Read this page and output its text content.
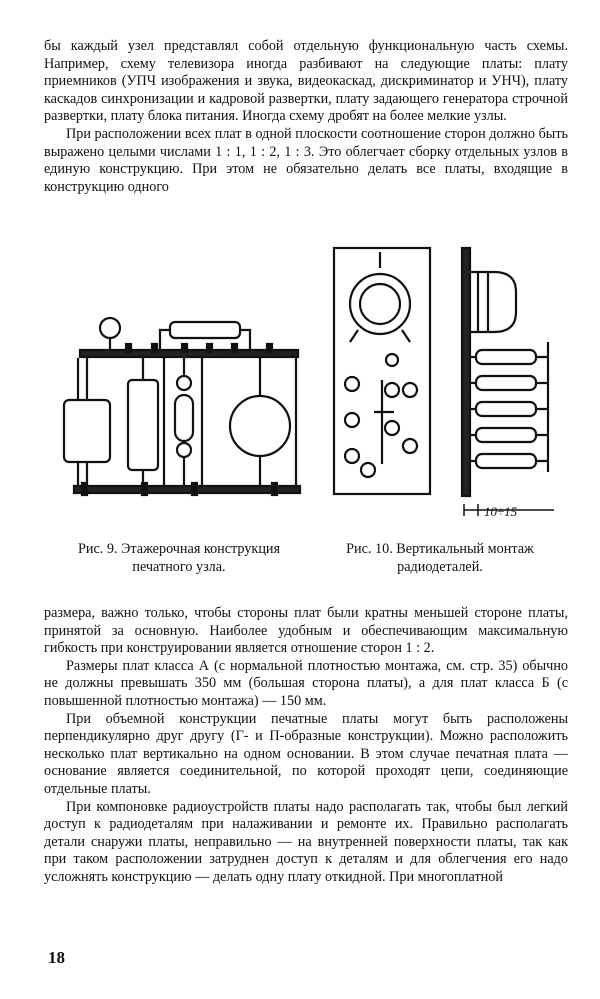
бы каждый узел представлял собой отдельную функциональную часть схемы. Например, схему телевизора иногда разбивают на следующие платы: плату приемников (УПЧ изображения и звука, видеокаскад, дискриминатор и УНЧ), плату каскадов синхронизации и кадровой развертки, плату задающего генератора строчной развертки, плату блока питания. Иногда схему дробят на более мелкие узлы.

При расположении всех плат в одной плоскости соотношение сторон должно быть выражено целыми числами 1 : 1, 1 : 2, 1 : 3. Это облегчает сборку отдельных узлов в единую конструкцию. При этом не обязательно делать все платы, входящие в конструкцию одного

10÷15
Рис. 9. Этажерочная конструкция печатного узла.
Рис. 10. Вертикальный монтаж радиодеталей.

размера, важно только, чтобы стороны плат были кратны меньшей стороне платы, принятой за основную. Наиболее удобным и обеспечивающим максимальную гибкость при конструировании является отношение сторон 1 : 2.

Размеры плат класса А (с нормальной плотностью монтажа, см. стр. 35) обычно не должны превышать 350 мм (большая сторона платы), а для плат класса Б (с повышенной плотностью монтажа) — 150 мм.

При объемной конструкции печатные платы могут быть расположены перпендикулярно друг другу (Г- и П-образные конструкции). Можно расположить несколько плат вертикально на одном основании. В этом случае печатная плата — основание является соединительной, по которой проходят цепи, соединяющие отдельные платы.

При компоновке радиоустройств платы надо располагать так, чтобы был легкий доступ к радиодеталям при налаживании и ремонте их. Правильно располагать детали снаружи платы, неправильно — на внутренней поверхности платы, так как при таком расположении затруднен доступ к деталям и для облегчения его надо усложнять конструкцию — делать одну плату откидной. При многоплатной

18
